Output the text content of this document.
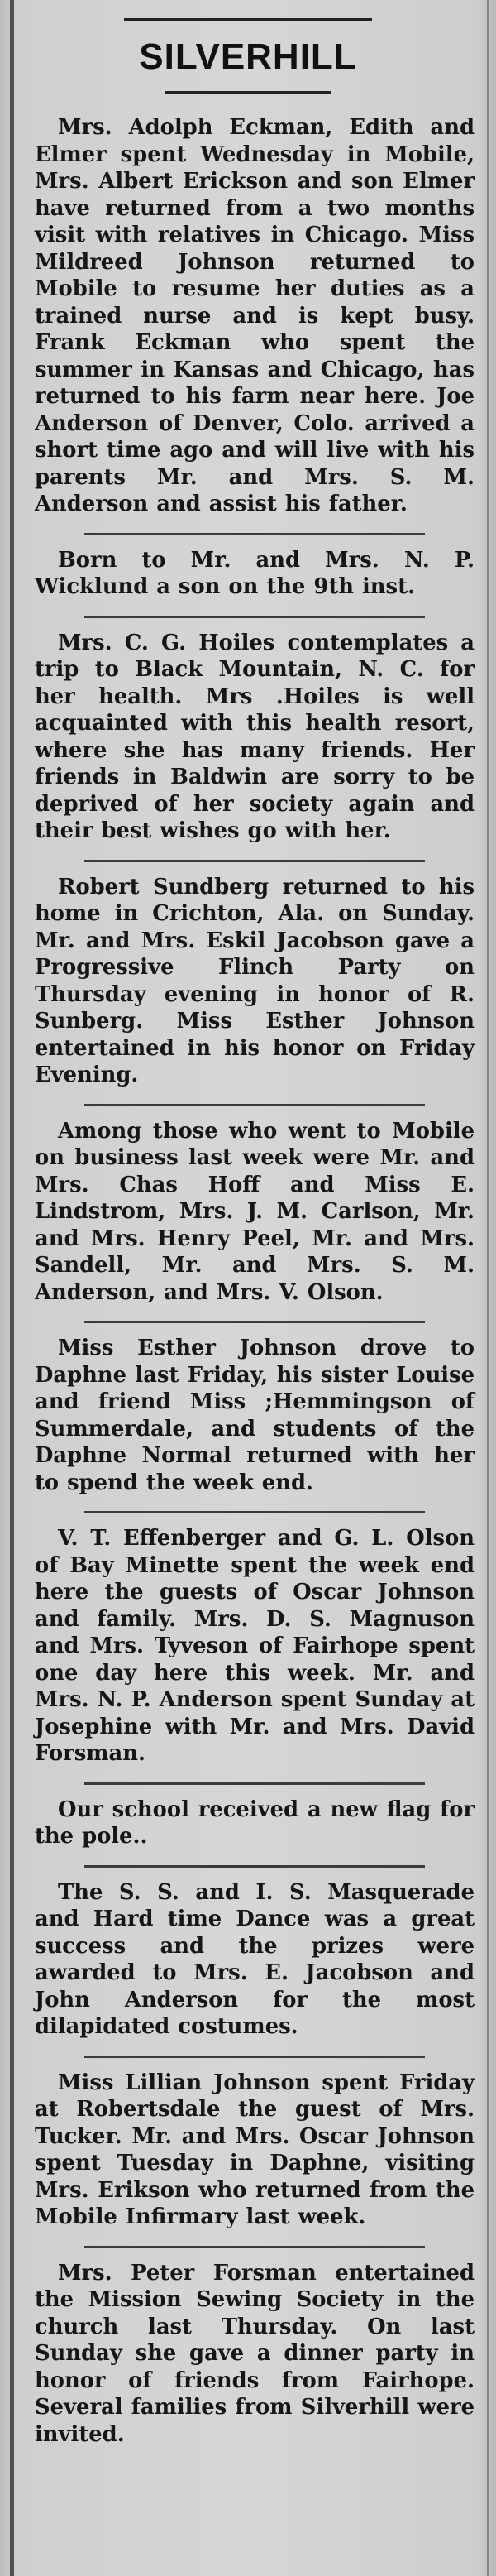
SILVERHILL

Mrs. Adolph Eckman, Edith and Elmer spent Wednesday in Mobile, Mrs. Albert Erickson and son Elmer have returned from a two months visit with relatives in Chicago. Miss Mildreed Johnson returned to Mobile to resume her duties as a trained nurse and is kept busy. Frank Eckman who spent the summer in Kansas and Chicago, has returned to his farm near here. Joe Anderson of Denver, Colo. arrived a short time ago and will live with his parents Mr. and Mrs. S. M. Anderson and assist his father.

Born to Mr. and Mrs. N. P. Wicklund a son on the 9th inst.

Mrs. C. G. Hoiles contemplates a trip to Black Mountain, N. C. for her health. Mrs .Hoiles is well acquainted with this health resort, where she has many friends. Her friends in Baldwin are sorry to be deprived of her society again and their best wishes go with her.

Robert Sundberg returned to his home in Crichton, Ala. on Sunday. Mr. and Mrs. Eskil Jacobson gave a Progressive Flinch Party on Thursday evening in honor of R. Sunberg. Miss Esther Johnson entertained in his honor on Friday Evening.

Among those who went to Mobile on business last week were Mr. and Mrs. Chas Hoff and Miss E. Lindstrom, Mrs. J. M. Carlson, Mr. and Mrs. Henry Peel, Mr. and Mrs. Sandell, Mr. and Mrs. S. M. Anderson, and Mrs. V. Olson.

Miss Esther Johnson drove to Daphne last Friday, his sister Louise and friend Miss ;Hemmingson of Summerdale, and students of the Daphne Normal returned with her to spend the week end.

V. T. Effenberger and G. L. Olson of Bay Minette spent the week end here the guests of Oscar Johnson and family. Mrs. D. S. Magnuson and Mrs. Tyveson of Fairhope spent one day here this week. Mr. and Mrs. N. P. Anderson spent Sunday at Josephine with Mr. and Mrs. David Forsman.

Our school received a new flag for the pole..

The S. S. and I. S. Masquerade and Hard time Dance was a great success and the prizes were awarded to Mrs. E. Jacobson and John Anderson for the most dilapidated costumes.

Miss Lillian Johnson spent Friday at Robertsdale the guest of Mrs. Tucker. Mr. and Mrs. Oscar Johnson spent Tuesday in Daphne, visiting Mrs. Erikson who returned from the Mobile Infirmary last week.

Mrs. Peter Forsman entertained the Mission Sewing Society in the church last Thursday. On last Sunday she gave a dinner party in honor of friends from Fairhope. Several families from Silverhill were invited.
